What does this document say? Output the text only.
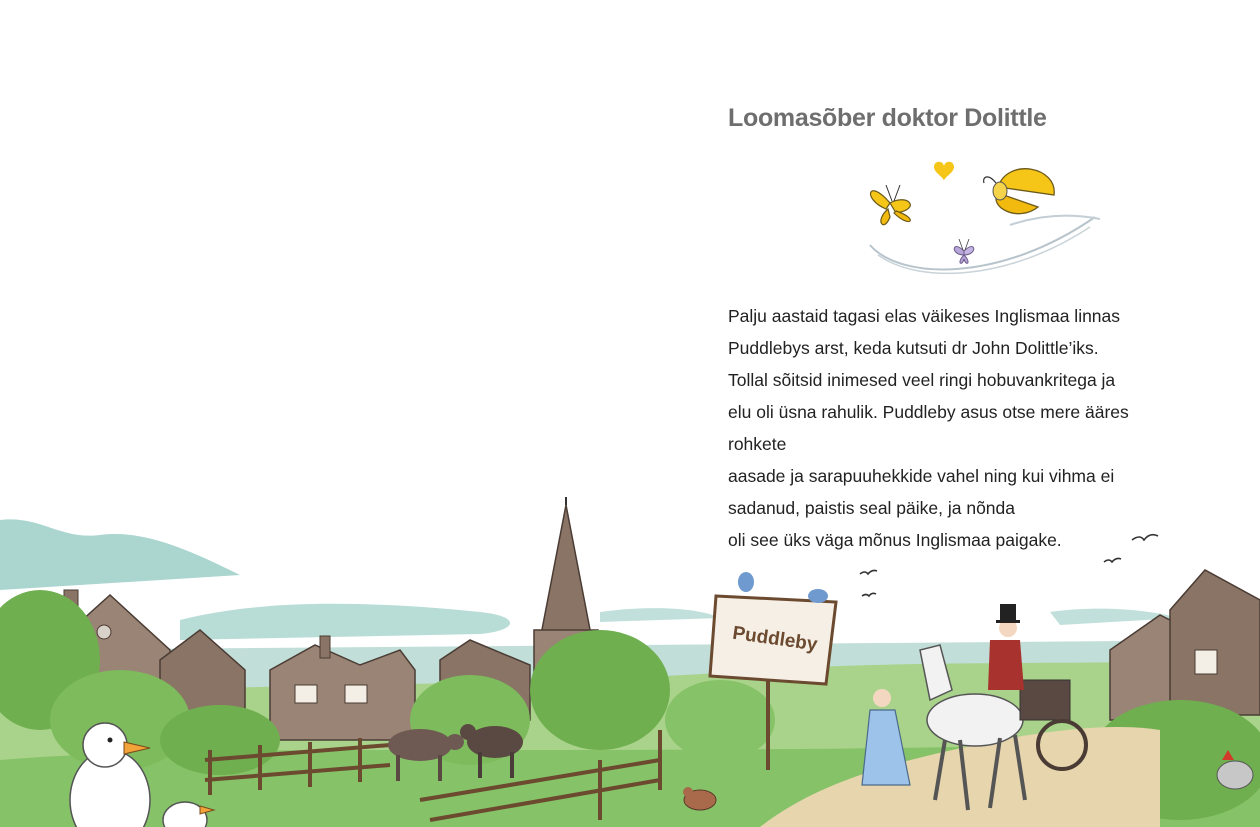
Loomasõber doktor Dolittle

Palju aastaid tagasi elas väikeses Inglismaa linnas
Puddlebys arst, keda kutsuti dr John Dolittle’iks.
Tollal sõitsid inimesed veel ringi hobuvankritega ja
elu oli üsna rahulik. Puddleby asus otse mere ääres
rohkete
aasade ja sarapuuhekkide vahel ning kui vihma ei
sadanud, paistis seal päike, ja nõnda
oli see üks väga mõnus Inglismaa paigake.

Puddleby
